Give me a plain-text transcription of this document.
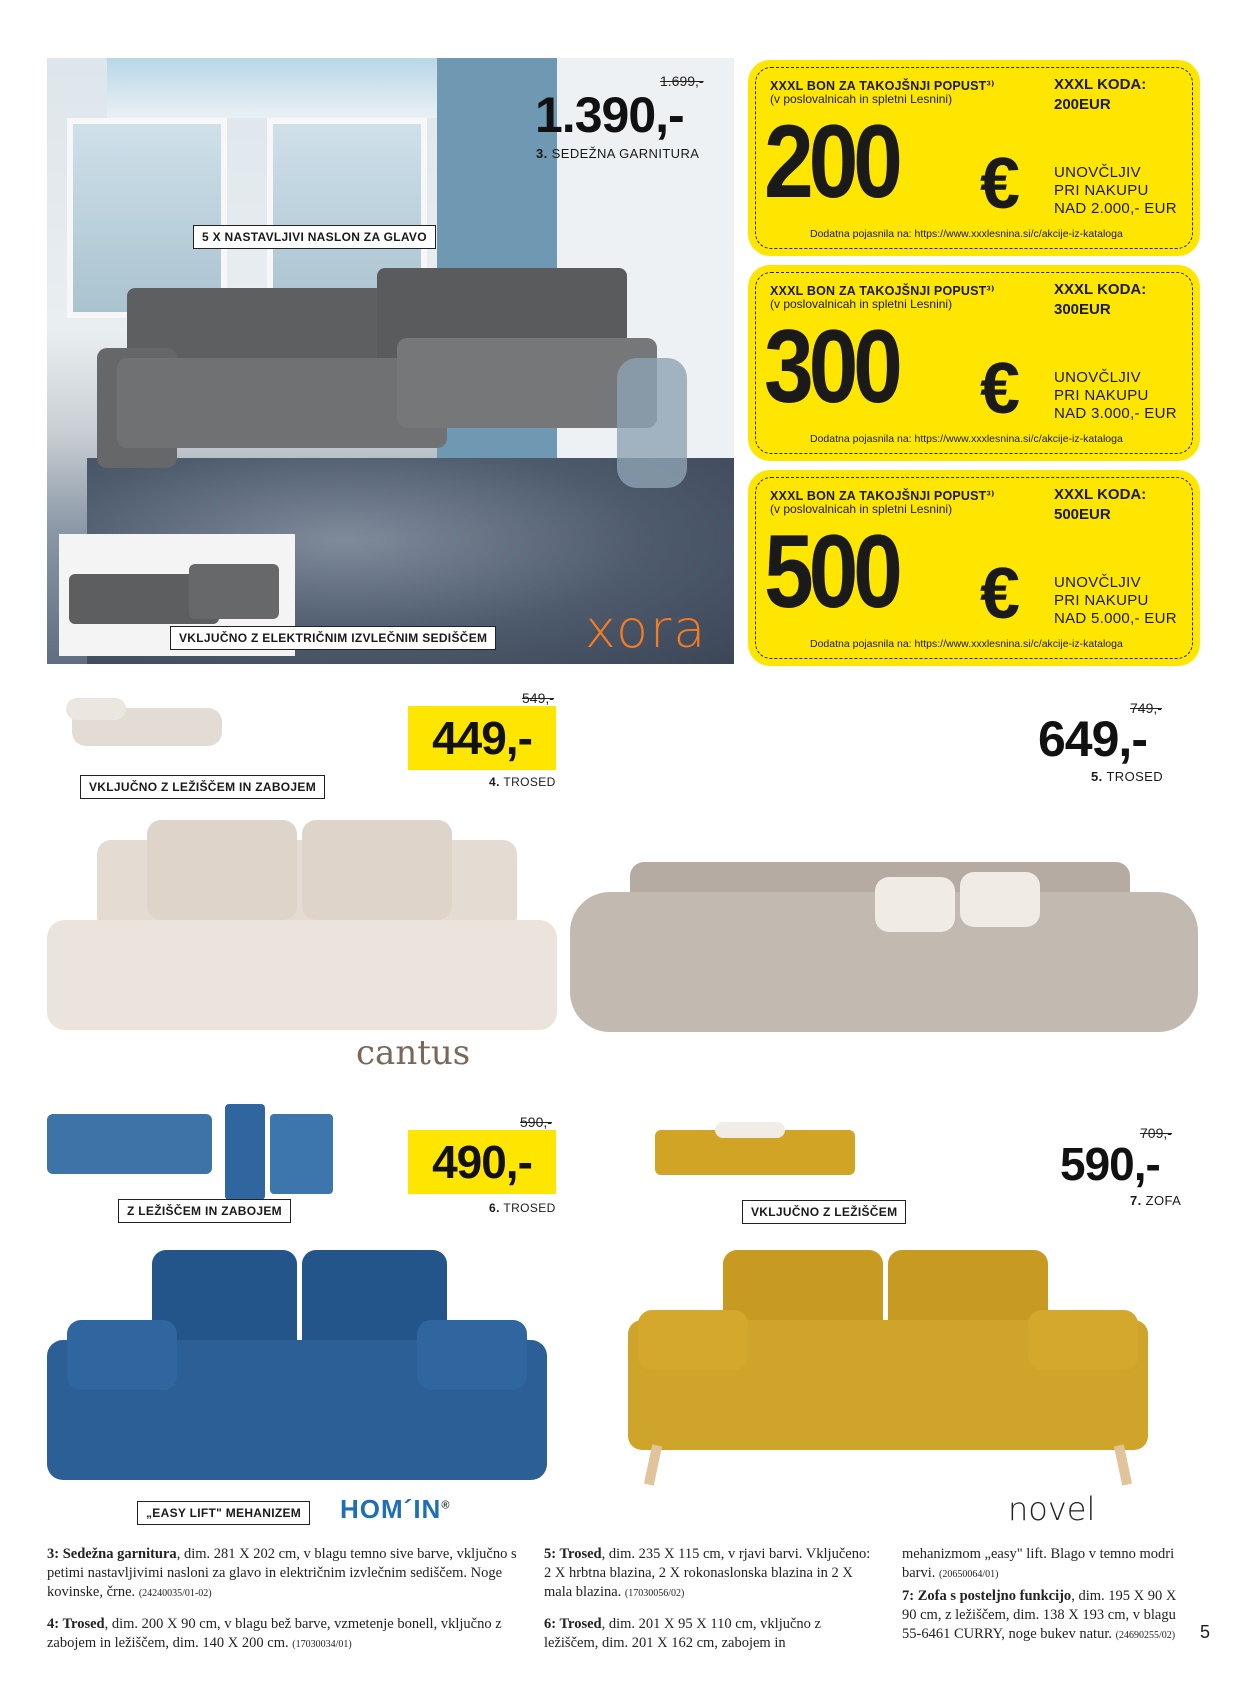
1.699,-
1.390,-
3. SEDEŽNA GARNITURA
5 X NASTAVLJIVI NASLON ZA GLAVO
VKLJUČNO Z ELEKTRIČNIM IZVLEČNIM SEDIŠČEM xora
XXXL BON ZA TAKOJŠNJI POPUST³⁾
(v poslovalnicah in spletni Lesnini)
XXXL KODA:
200EUR
200 € UNOVČLJIV
PRI NAKUPU
NAD 2.000,- EUR
Dodatna pojasnila na: https://www.xxxlesnina.si/c/akcije-iz-kataloga
XXXL BON ZA TAKOJŠNJI POPUST³⁾
(v poslovalnicah in spletni Lesnini)
XXXL KODA:
300EUR
300 € UNOVČLJIV
PRI NAKUPU
NAD 3.000,- EUR
Dodatna pojasnila na: https://www.xxxlesnina.si/c/akcije-iz-kataloga
XXXL BON ZA TAKOJŠNJI POPUST³⁾
(v poslovalnicah in spletni Lesnini)
XXXL KODA:
500EUR
500 € UNOVČLJIV
PRI NAKUPU
NAD 5.000,- EUR
Dodatna pojasnila na: https://www.xxxlesnina.si/c/akcije-iz-kataloga
VKLJUČNO Z LEŽIŠČEM IN ZABOJEM
549,-
449,-
4. TROSED
cantus
749,-
649,-
5. TROSED
Z LEŽIŠČEM IN ZABOJEM
590,-
490,-
6. TROSED
„EASY LIFT" MEHANIZEM	HOM´IN®
VKLJUČNO Z LEŽIŠČEM
709,-
590,-
7. ZOFA
novel
3: Sedežna garnitura, dim. 281 X 202 cm, v blagu temno sive barve, vključno s petimi nastavljivimi nasloni za glavo in električnim izvlečnim sediščem. Noge kovinske, črne. (24240035/01-02)
4: Trosed, dim. 200 X 90 cm, v blagu bež barve, vzmetenje bonell, vključno z zabojem in ležiščem, dim. 140 X 200 cm. (17030034/01)
5: Trosed, dim. 235 X 115 cm, v rjavi barvi. Vključeno: 2 X hrbtna blazina, 2 X rokonaslonska blazina in 2 X mala blazina. (17030056/02)
6: Trosed, dim. 201 X 95 X 110 cm, vključno z ležiščem, dim. 201 X 162 cm, zabojem in
mehanizmom „easy" lift. Blago v temno modri barvi. (20650064/01)
7: Zofa s posteljno funkcijo, dim. 195 X 90 X 90 cm, z ležiščem, dim. 138 X 193 cm, v blagu 55-6461 CURRY, noge bukev natur. (24690255/02)	5
